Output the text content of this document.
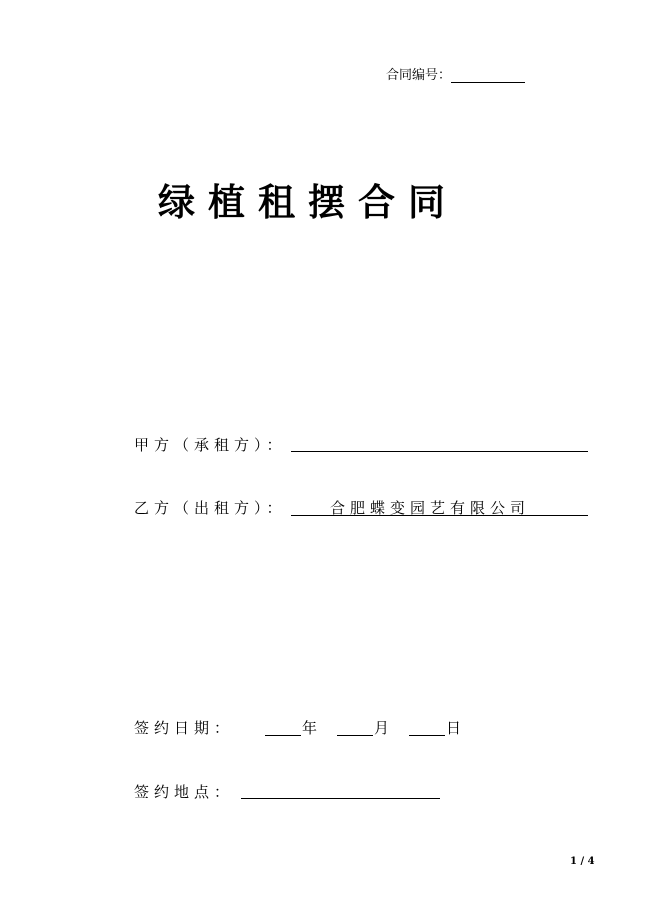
合同编号：
绿植租摆合同
甲方（承租方）：
乙方（出租方）：	合肥蝶变园艺有限公司
签约日期：	年	月	日
签约地点：
1 / 4
